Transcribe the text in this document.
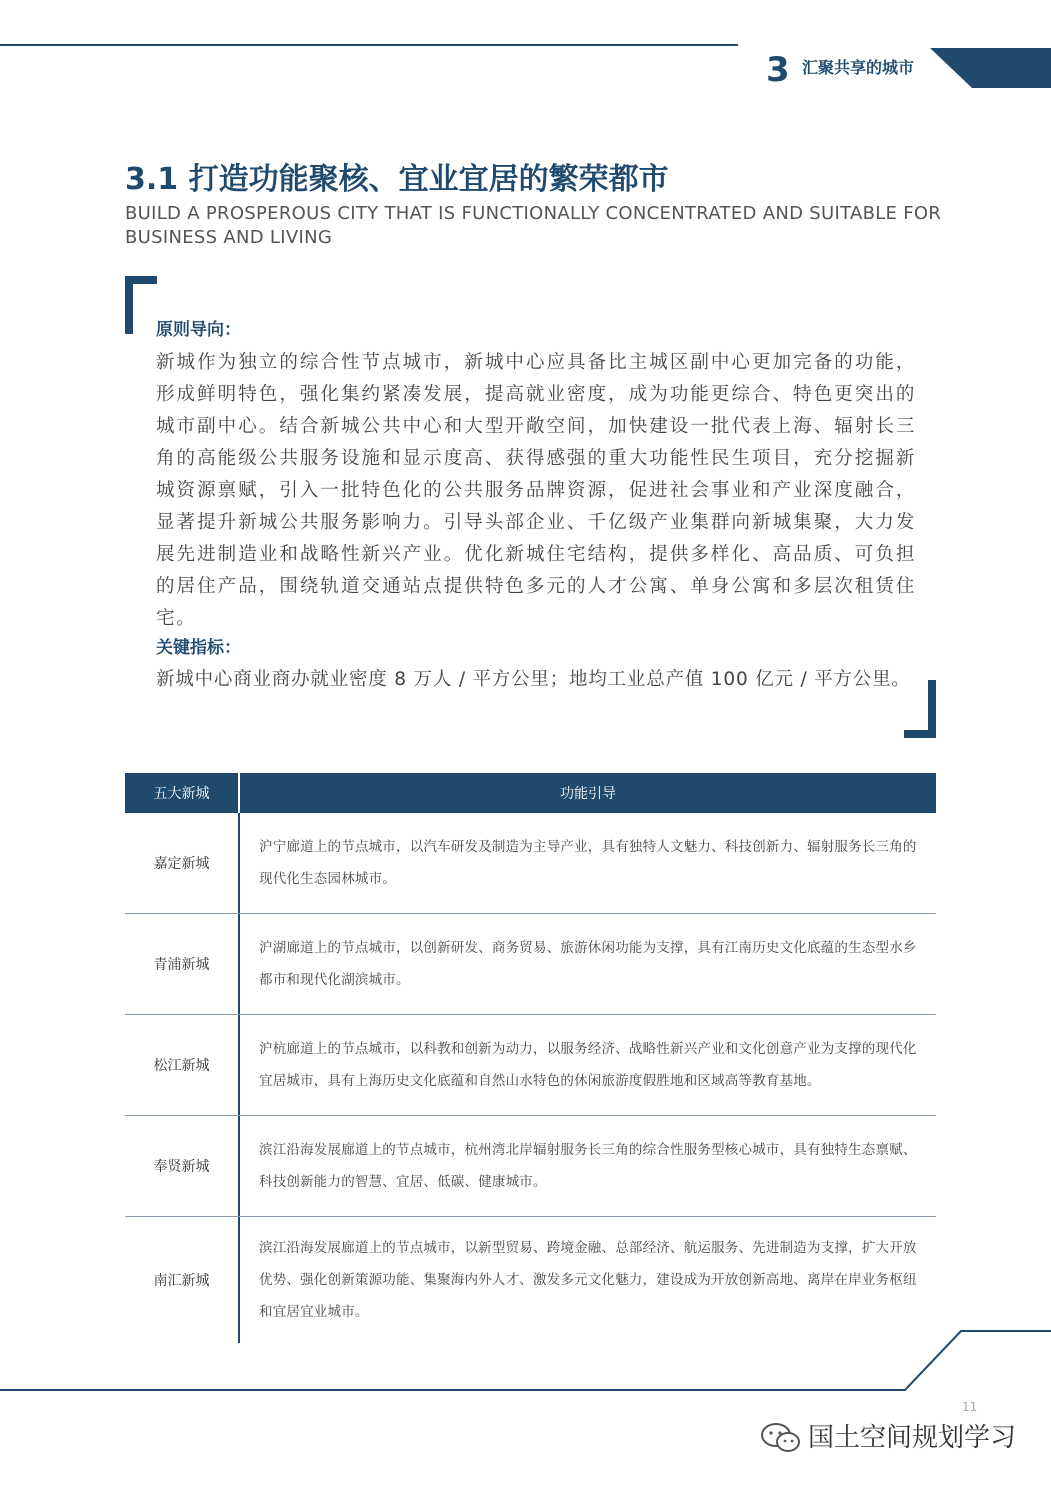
3 汇聚共享的城市
3.1 打造功能聚核、宜业宜居的繁荣都市
BUILD A PROSPEROUS CITY THAT IS FUNCTIONALLY CONCENTRATED AND SUITABLE FOR BUSINESS AND LIVING
原则导向：
新城作为独立的综合性节点城市，新城中心应具备比主城区副中心更加完备的功能，形成鲜明特色，强化集约紧凑发展，提高就业密度，成为功能更综合、特色更突出的城市副中心。结合新城公共中心和大型开敞空间，加快建设一批代表上海、辐射长三角的高能级公共服务设施和显示度高、获得感强的重大功能性民生项目，充分挖掘新城资源禀赋，引入一批特色化的公共服务品牌资源，促进社会事业和产业深度融合，显著提升新城公共服务影响力。引导头部企业、千亿级产业集群向新城集聚，大力发展先进制造业和战略性新兴产业。优化新城住宅结构，提供多样化、高品质、可负担的居住产品，围绕轨道交通站点提供特色多元的人才公寓、单身公寓和多层次租赁住宅。
关键指标：
新城中心商业商办就业密度 8 万人 / 平方公里；地均工业总产值 100 亿元 / 平方公里。
五大新城	功能引导
嘉定新城
沪宁廊道上的节点城市，以汽车研发及制造为主导产业，具有独特人文魅力、科技创新力、辐射服务长三角的现代化生态园林城市。
青浦新城
沪湖廊道上的节点城市，以创新研发、商务贸易、旅游休闲功能为支撑，具有江南历史文化底蕴的生态型水乡都市和现代化湖滨城市。
松江新城
沪杭廊道上的节点城市，以科教和创新为动力，以服务经济、战略性新兴产业和文化创意产业为支撑的现代化宜居城市，具有上海历史文化底蕴和自然山水特色的休闲旅游度假胜地和区域高等教育基地。
奉贤新城
滨江沿海发展廊道上的节点城市，杭州湾北岸辐射服务长三角的综合性服务型核心城市，具有独特生态禀赋、科技创新能力的智慧、宜居、低碳、健康城市。
南汇新城
滨江沿海发展廊道上的节点城市，以新型贸易、跨境金融、总部经济、航运服务、先进制造为支撑，扩大开放优势、强化创新策源功能、集聚海内外人才、激发多元文化魅力，建设成为开放创新高地、离岸在岸业务枢纽和宜居宜业城市。
11
国土空间规划学习
